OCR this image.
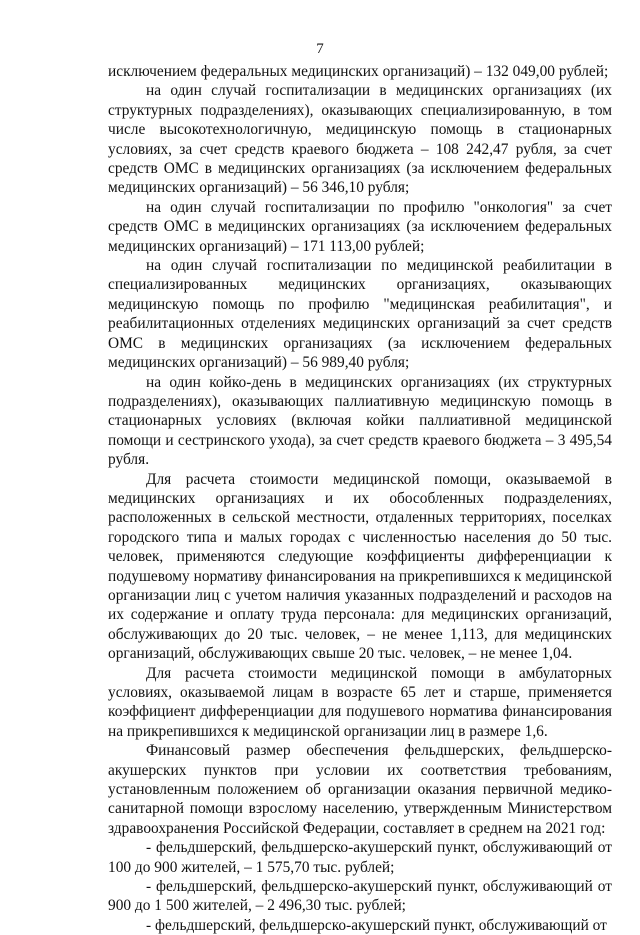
7

исключением федеральных медицинских организаций) – 132 049,00 рублей;

на один случай госпитализации в медицинских организациях (их структурных подразделениях), оказывающих специализированную, в том числе высокотехнологичную, медицинскую помощь в стационарных условиях, за счет средств краевого бюджета – 108 242,47 рубля, за счет средств ОМС в медицинских организациях (за исключением федеральных медицинских организаций) – 56 346,10 рубля;

на один случай госпитализации по профилю "онкология" за счет средств ОМС в медицинских организациях (за исключением федеральных медицинских организаций) – 171 113,00 рублей;

на один случай госпитализации по медицинской реабилитации в специализированных медицинских организациях, оказывающих медицинскую помощь по профилю "медицинская реабилитация", и реабилитационных отделениях медицинских организаций за счет средств ОМС в медицинских организациях (за исключением федеральных медицинских организаций) – 56 989,40 рубля;

на один койко-день в медицинских организациях (их структурных подразделениях), оказывающих паллиативную медицинскую помощь в стационарных условиях (включая койки паллиативной медицинской помощи и сестринского ухода), за счет средств краевого бюджета – 3 495,54 рубля.

Для расчета стоимости медицинской помощи, оказываемой в медицинских организациях и их обособленных подразделениях, расположенных в сельской местности, отдаленных территориях, поселках городского типа и малых городах с численностью населения до 50 тыс. человек, применяются следующие коэффициенты дифференциации к подушевому нормативу финансирования на прикрепившихся к медицинской организации лиц с учетом наличия указанных подразделений и расходов на их содержание и оплату труда персонала: для медицинских организаций, обслуживающих до 20 тыс. человек, – не менее 1,113, для медицинских организаций, обслуживающих свыше 20 тыс. человек, – не менее 1,04.

Для расчета стоимости медицинской помощи в амбулаторных условиях, оказываемой лицам в возрасте 65 лет и старше, применяется коэффициент дифференциации для подушевого норматива финансирования на прикрепившихся к медицинской организации лиц в размере 1,6.

Финансовый размер обеспечения фельдшерских, фельдшерско-акушерских пунктов при условии их соответствия требованиям, установленным положением об организации оказания первичной медико-санитарной помощи взрослому населению, утвержденным Министерством здравоохранения Российской Федерации, составляет в среднем на 2021 год:

- фельдшерский, фельдшерско-акушерский пункт, обслуживающий от 100 до 900 жителей, – 1 575,70 тыс. рублей;

- фельдшерский, фельдшерско-акушерский пункт, обслуживающий от 900 до 1 500 жителей, – 2 496,30 тыс. рублей;

- фельдшерский, фельдшерско-акушерский пункт, обслуживающий от
